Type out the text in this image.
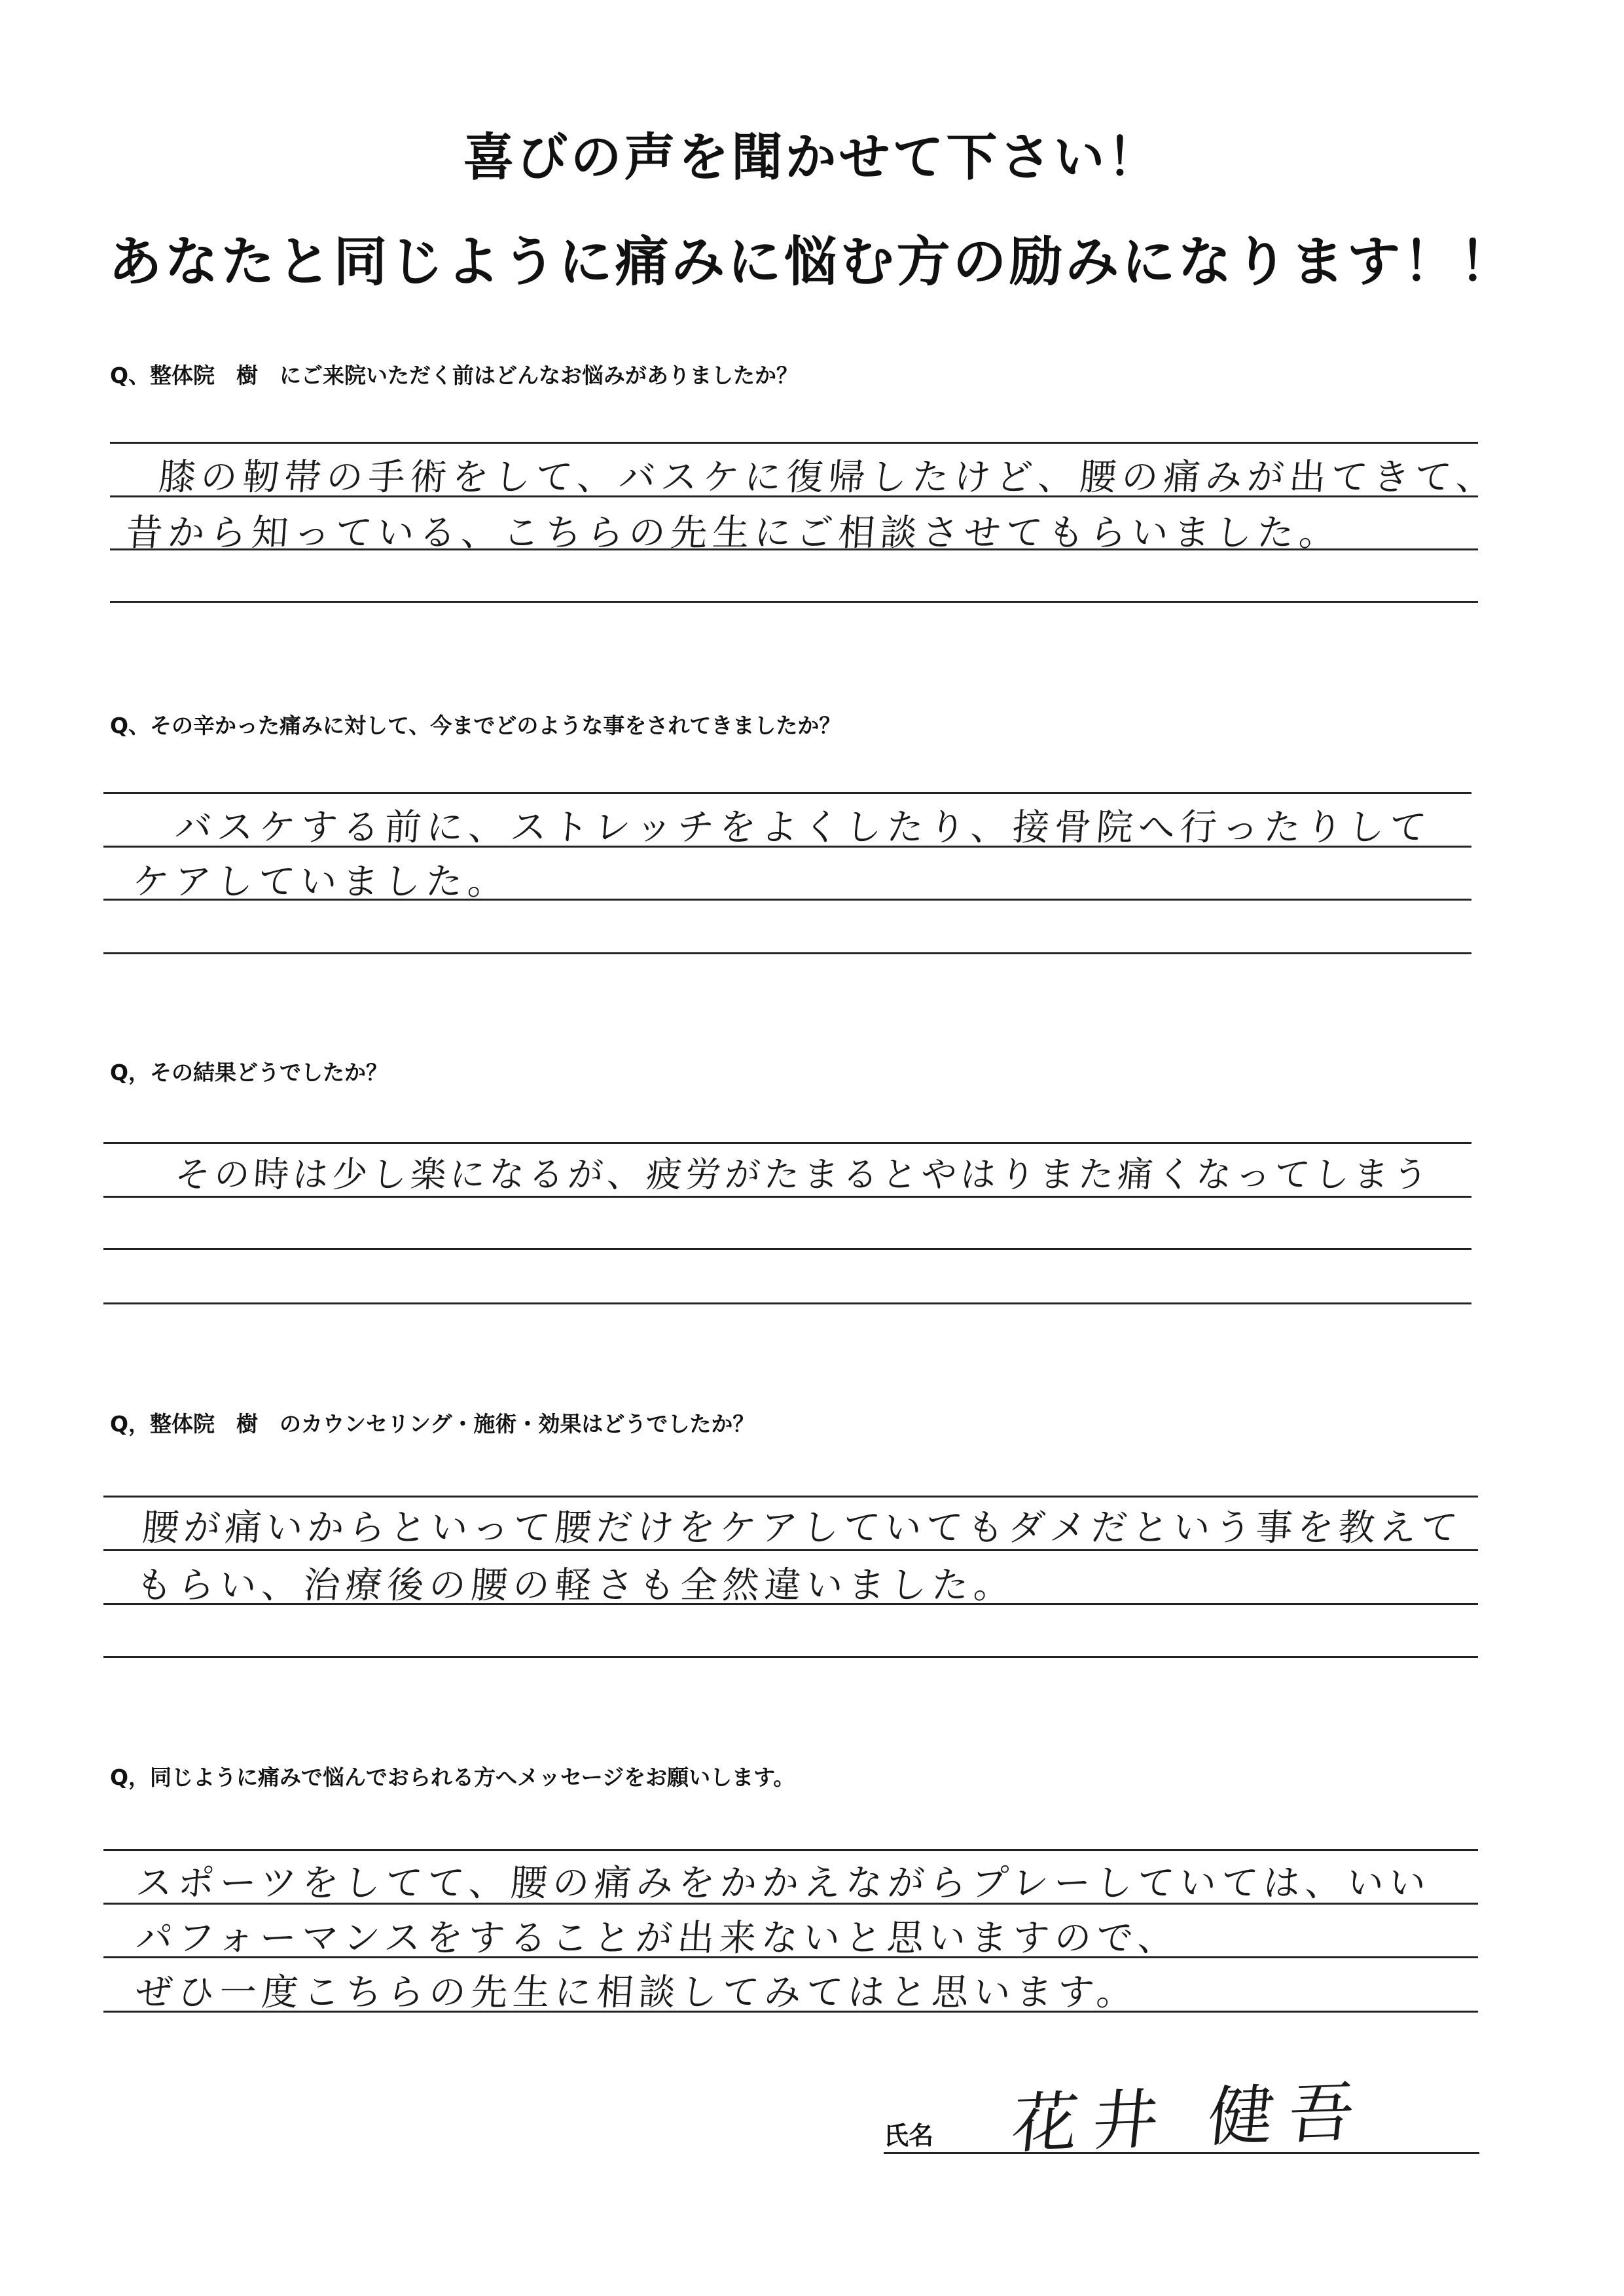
喜びの声を聞かせて下さい！
あなたと同じように痛みに悩む方の励みになります！！
Q、整体院　樹　にご来院いただく前はどんなお悩みがありましたか？
膝の靭帯の手術をして、バスケに復帰したけど、腰の痛みが出てきて、
昔から知っている、こちらの先生にご相談させてもらいました。
Q、その辛かった痛みに対して、今までどのような事をされてきましたか？
バスケする前に、ストレッチをよくしたり、接骨院へ行ったりして
ケアしていました。
Q，その結果どうでしたか？
その時は少し楽になるが、疲労がたまるとやはりまた痛くなってしまう
Q，整体院　樹　のカウンセリング・施術・効果はどうでしたか？
腰が痛いからといって腰だけをケアしていてもダメだという事を教えて
もらい、治療後の腰の軽さも全然違いました。
Q，同じように痛みで悩んでおられる方へメッセージをお願いします。
スポーツをしてて、腰の痛みをかかえながらプレーしていては、いい
パフォーマンスをすることが出来ないと思いますので、
ぜひ一度こちらの先生に相談してみてはと思います。
氏名 花井 健吾
